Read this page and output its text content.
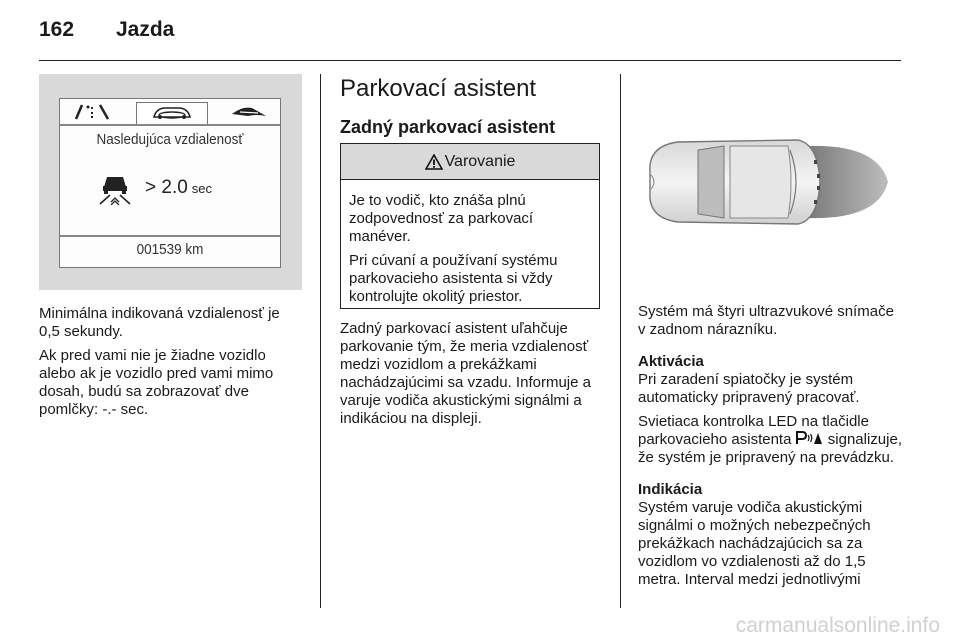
162 Jazda
Nasledujúca vzdialenosť
> 2.0 sec
001539 km

Minimálna indikovaná vzdialenosť je 0,5 sekundy.

Ak pred vami nie je žiadne vozidlo alebo ak je vozidlo pred vami mimo dosah, budú sa zobrazovať dve pomlčky: -.- sec.

Parkovací asistent
Zadný parkovací asistent
Varovanie

Je to vodič, kto znáša plnú zodpovednosť za parkovací manéver.

Pri cúvaní a používaní systému parkovacieho asistenta si vždy kontrolujte okolitý priestor.

Zadný parkovací asistent uľahčuje parkovanie tým, že meria vzdialenosť medzi vozidlom a prekážkami nachádzajúcimi sa vzadu. Informuje a varuje vodiča akustickými signálmi a indikáciou na displeji.

Systém má štyri ultrazvukové snímače v zadnom nárazníku.

Aktivácia

Pri zaradení spiatočky je systém automaticky pripravený pracovať.

Svietiaca kontrolka LED na tlačidle parkovacieho asistenta signalizuje, že systém je pripravený na prevádzku.

Indikácia

Systém varuje vodiča akustickými signálmi o možných nebezpečných prekážkach nachádzajúcich sa za vozidlom vo vzdialenosti až do 1,5 metra. Interval medzi jednotlivými

carmanualsonline.info
